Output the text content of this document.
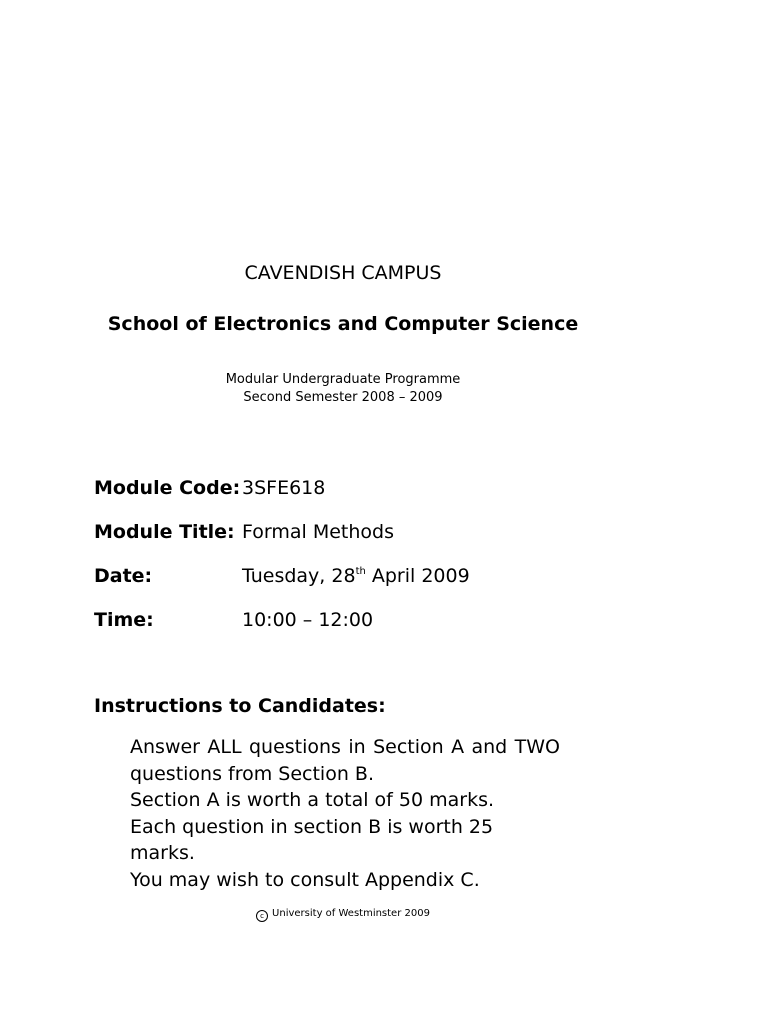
CAVENDISH CAMPUS
School of Electronics and Computer Science
Modular Undergraduate Programme
Second Semester 2008 – 2009
Module Code: 3SFE618
Module Title: Formal Methods
Date:	Tuesday, 28th April 2009
Time:	10:00 – 12:00
Instructions to Candidates:
Answer ALL questions in Section A and TWO
questions from Section B.
Section A is worth a total of 50 marks.
Each question in section B is worth 25 marks.
You may wish to consult Appendix C.
c University of Westminster 2009
